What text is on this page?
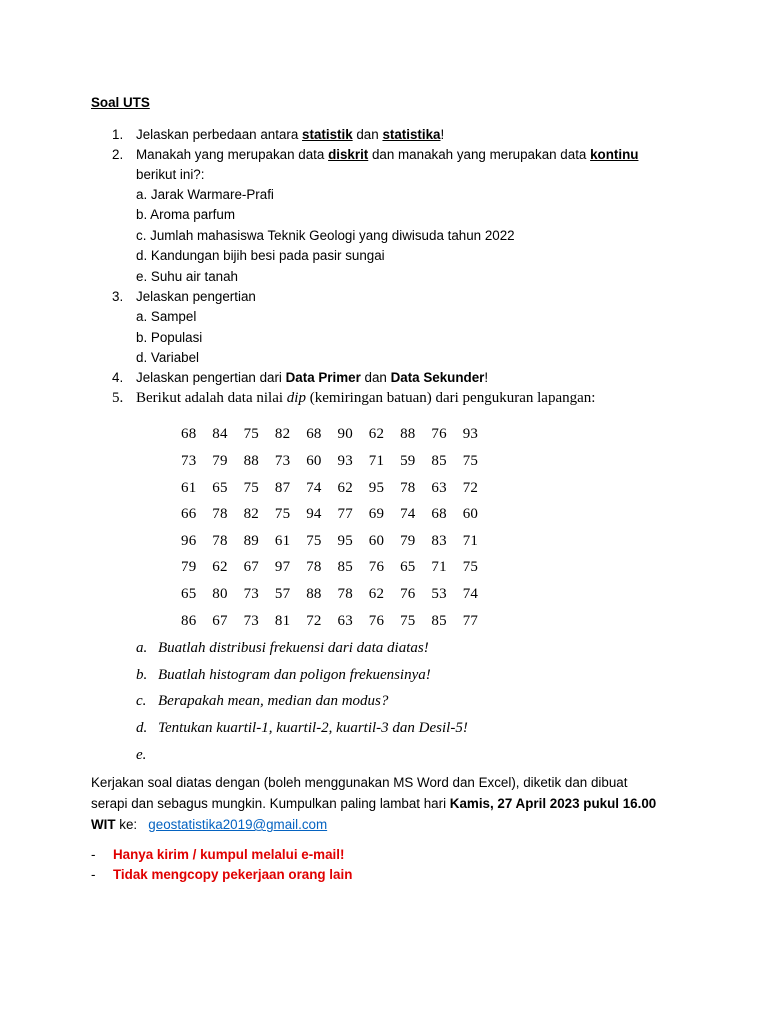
Soal UTS
1. Jelaskan perbedaan antara statistik dan statistika!
2. Manakah yang merupakan data diskrit dan manakah yang merupakan data kontinu
berikut ini?:
a. Jarak Warmare-Prafi
b. Aroma parfum
c. Jumlah mahasiswa Teknik Geologi yang diwisuda tahun 2022
d. Kandungan bijih besi pada pasir sungai
e. Suhu air tanah
3. Jelaskan pengertian
a. Sampel
b. Populasi
d. Variabel
4. Jelaskan pengertian dari Data Primer dan Data Sekunder!
5. Berikut adalah data nilai dip (kemiringan batuan) dari pengukuran lapangan:
68  84  75  82  68  90  62  88  76  93
73  79  88  73  60  93  71  59  85  75
61  65  75  87  74  62  95  78  63  72
66  78  82  75  94  77  69  74  68  60
96  78  89  61  75  95  60  79  83  71
79  62  67  97  78  85  76  65  71  75
65  80  73  57  88  78  62  76  53  74
86  67  73  81  72  63  76  75  85  77
a. Buatlah distribusi frekuensi dari data diatas!
b. Buatlah histogram dan poligon frekuensinya!
c. Berapakah mean, median dan modus?
d. Tentukan kuartil-1, kuartil-2, kuartil-3 dan Desil-5!
e.
Kerjakan soal diatas dengan (boleh menggunakan MS Word dan Excel), diketik dan dibuat
serapi dan sebagus mungkin. Kumpulkan paling lambat hari Kamis, 27 April 2023 pukul 16.00
WIT ke:   geostatistika2019@gmail.com
- Hanya kirim / kumpul melalui e-mail!
- Tidak mengcopy pekerjaan orang lain
